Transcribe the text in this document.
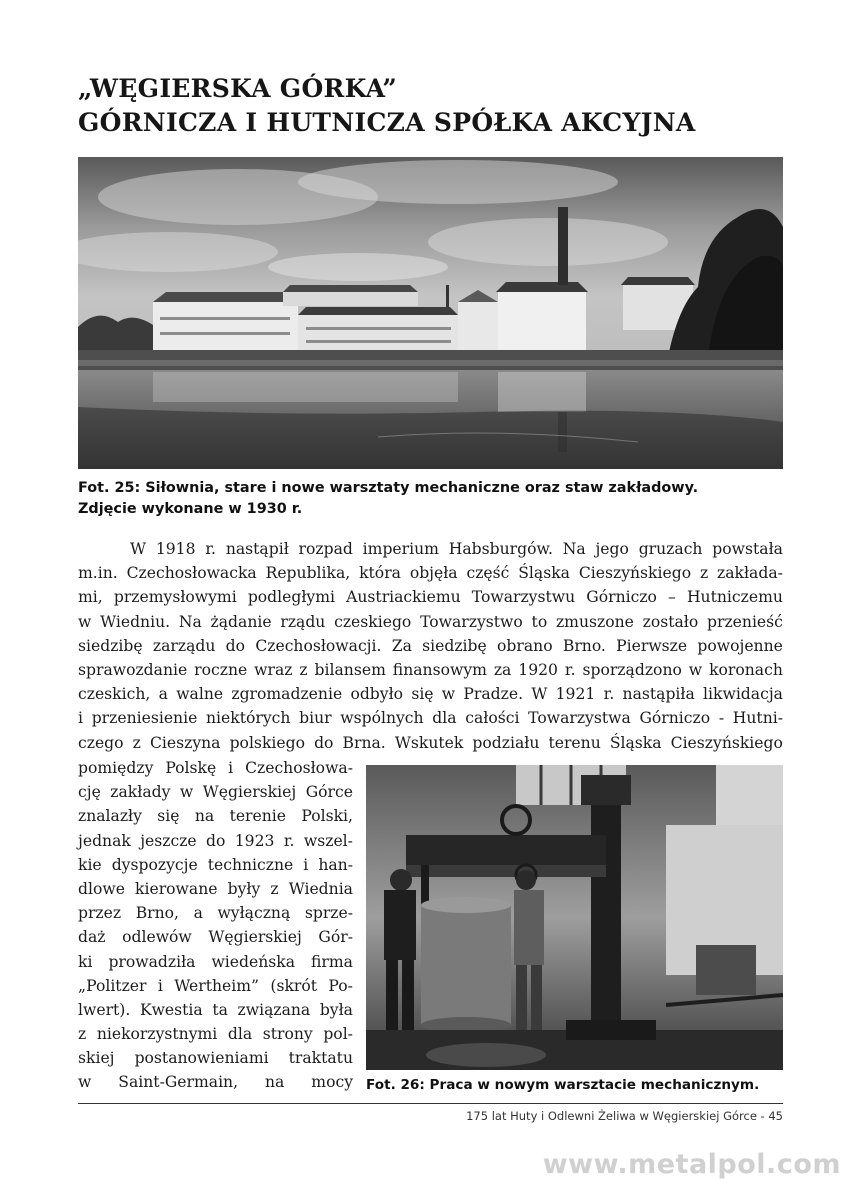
„WĘGIERSKA GÓRKA”
GÓRNICZA I HUTNICZA SPÓŁKA AKCYJNA
Fot. 25: Siłownia, stare i nowe warsztaty mechaniczne oraz staw zakładowy.
Zdjęcie wykonane w 1930 r.
W 1918 r. nastąpił rozpad imperium Habsburgów. Na jego gruzach powstała
m.in. Czechosłowacka Republika, która objęła część Śląska Cieszyńskiego z zakłada-
mi, przemysłowymi podległymi Austriackiemu Towarzystwu Górniczo – Hutniczemu
w Wiedniu. Na żądanie rządu czeskiego Towarzystwo to zmuszone zostało przenieść
siedzibę zarządu do Czechosłowacji. Za siedzibę obrano Brno. Pierwsze powojenne
sprawozdanie roczne wraz z bilansem finansowym za 1920 r. sporządzono w koronach
czeskich, a walne zgromadzenie odbyło się w Pradze. W 1921 r. nastąpiła likwidacja
i przeniesienie niektórych biur wspólnych dla całości Towarzystwa Górniczo - Hutni-
czego z Cieszyna polskiego do Brna. Wskutek podziału terenu Śląska Cieszyńskiego
pomiędzy Polskę i Czechosłowa-
cję zakłady w Węgierskiej Górce
znalazły się na terenie Polski,
jednak jeszcze do 1923 r. wszel-
kie dyspozycje techniczne i han-
dlowe kierowane były z Wiednia
przez Brno, a wyłączną sprze-
daż odlewów Węgierskiej Gór-
ki prowadziła wiedeńska firma
„Politzer i Wertheim” (skrót Po-
lwert). Kwestia ta związana była
z niekorzystnymi dla strony pol-
skiej postanowieniami traktatu
w Saint-Germain, na mocy Fot. 26: Praca w nowym warsztacie mechanicznym.
175 lat Huty i Odlewni Żeliwa w Węgierskiej Górce - 45
www.metalpol.com
